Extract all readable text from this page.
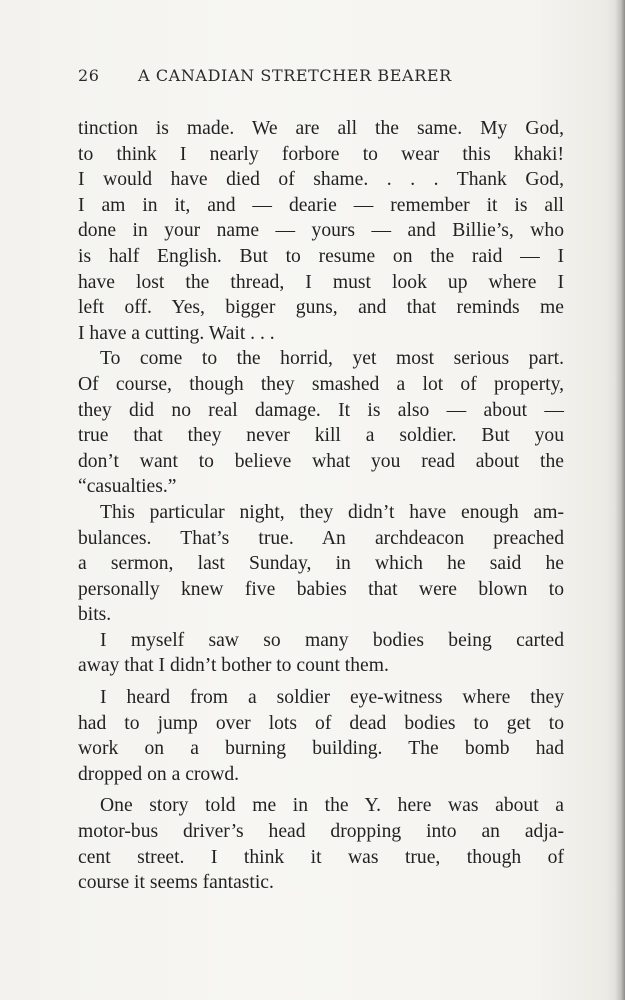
26 A CANADIAN STRETCHER BEARER
tinction is made. We are all the same. My God,
to think I nearly forbore to wear this khaki!
I would have died of shame. . . . Thank God,
I am in it, and — dearie — remember it is all
done in your name — yours — and Billie’s, who
is half English. But to resume on the raid — I
have lost the thread, I must look up where I
left off. Yes, bigger guns, and that reminds me
I have a cutting. Wait . . .
To come to the horrid, yet most serious part.
Of course, though they smashed a lot of property,
they did no real damage. It is also — about —
true that they never kill a soldier. But you
don’t want to believe what you read about the
“casualties.”
This particular night, they didn’t have enough am-
bulances. That’s true. An archdeacon preached
a sermon, last Sunday, in which he said he
personally knew five babies that were blown to
bits.
I myself saw so many bodies being carted
away that I didn’t bother to count them.
I heard from a soldier eye-witness where they
had to jump over lots of dead bodies to get to
work on a burning building. The bomb had
dropped on a crowd.
One story told me in the Y. here was about a
motor-bus driver’s head dropping into an adja-
cent street. I think it was true, though of
course it seems fantastic.
